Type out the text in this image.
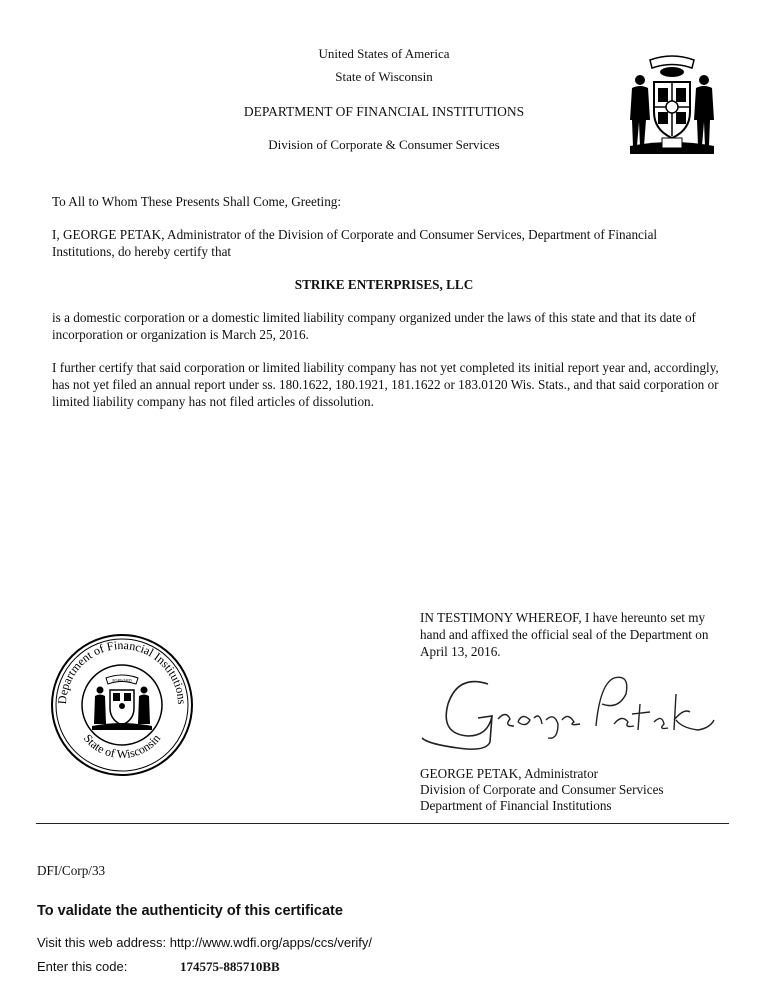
United States of America
State of Wisconsin
DEPARTMENT OF FINANCIAL INSTITUTIONS
Division of Corporate & Consumer Services
To All to Whom These Presents Shall Come, Greeting:
I, GEORGE PETAK, Administrator of the Division of Corporate and Consumer Services, Department of Financial Institutions, do hereby certify that
STRIKE ENTERPRISES, LLC
is a domestic corporation or a domestic limited liability company organized under the laws of this state and that its date of incorporation or organization is March 25, 2016.
I further certify that said corporation or limited liability company has not yet completed its initial report year and, accordingly, has not yet filed an annual report under ss. 180.1622, 180.1921, 181.1622 or 183.0120 Wis. Stats., and that said corporation or limited liability company has not filed articles of dissolution.
IN TESTIMONY WHEREOF, I have hereunto set my hand and affixed the official seal of the Department on April 13, 2016.
Department of Financial Institutions
State of Wisconsin
FORWARD
George Petak
GEORGE PETAK, Administrator
Division of Corporate and Consumer Services
Department of Financial Institutions
DFI/Corp/33
To validate the authenticity of this certificate
Visit this web address: http://www.wdfi.org/apps/ccs/verify/
Enter this code:	174575-885710BB
